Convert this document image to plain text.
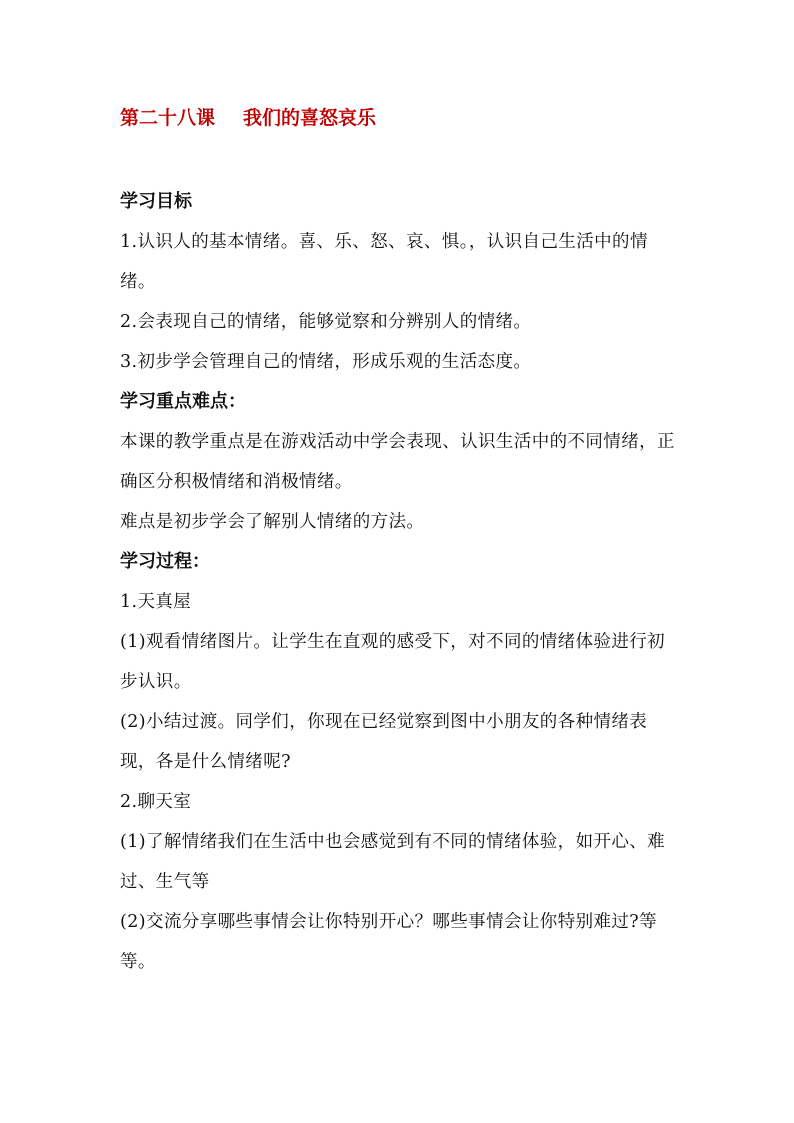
第二十八课 我们的喜怒哀乐

学习目标

1.认识人的基本情绪。喜、乐、怒、哀、惧。，认识自己生活中的情绪。

2.会表现自己的情绪，能够觉察和分辨别人的情绪。

3.初步学会管理自己的情绪，形成乐观的生活态度。

学习重点难点：

本课的教学重点是在游戏活动中学会表现、认识生活中的不同情绪，正确区分积极情绪和消极情绪。

难点是初步学会了解别人情绪的方法。

学习过程：

1.天真屋

(1)观看情绪图片。让学生在直观的感受下，对不同的情绪体验进行初步认识。

(2)小结过渡。同学们，你现在已经觉察到图中小朋友的各种情绪表现，各是什么情绪呢?

2.聊天室

(1)了解情绪我们在生活中也会感觉到有不同的情绪体验，如开心、难过、生气等

(2)交流分享哪些事情会让你特别开心？哪些事情会让你特别难过?等等。
